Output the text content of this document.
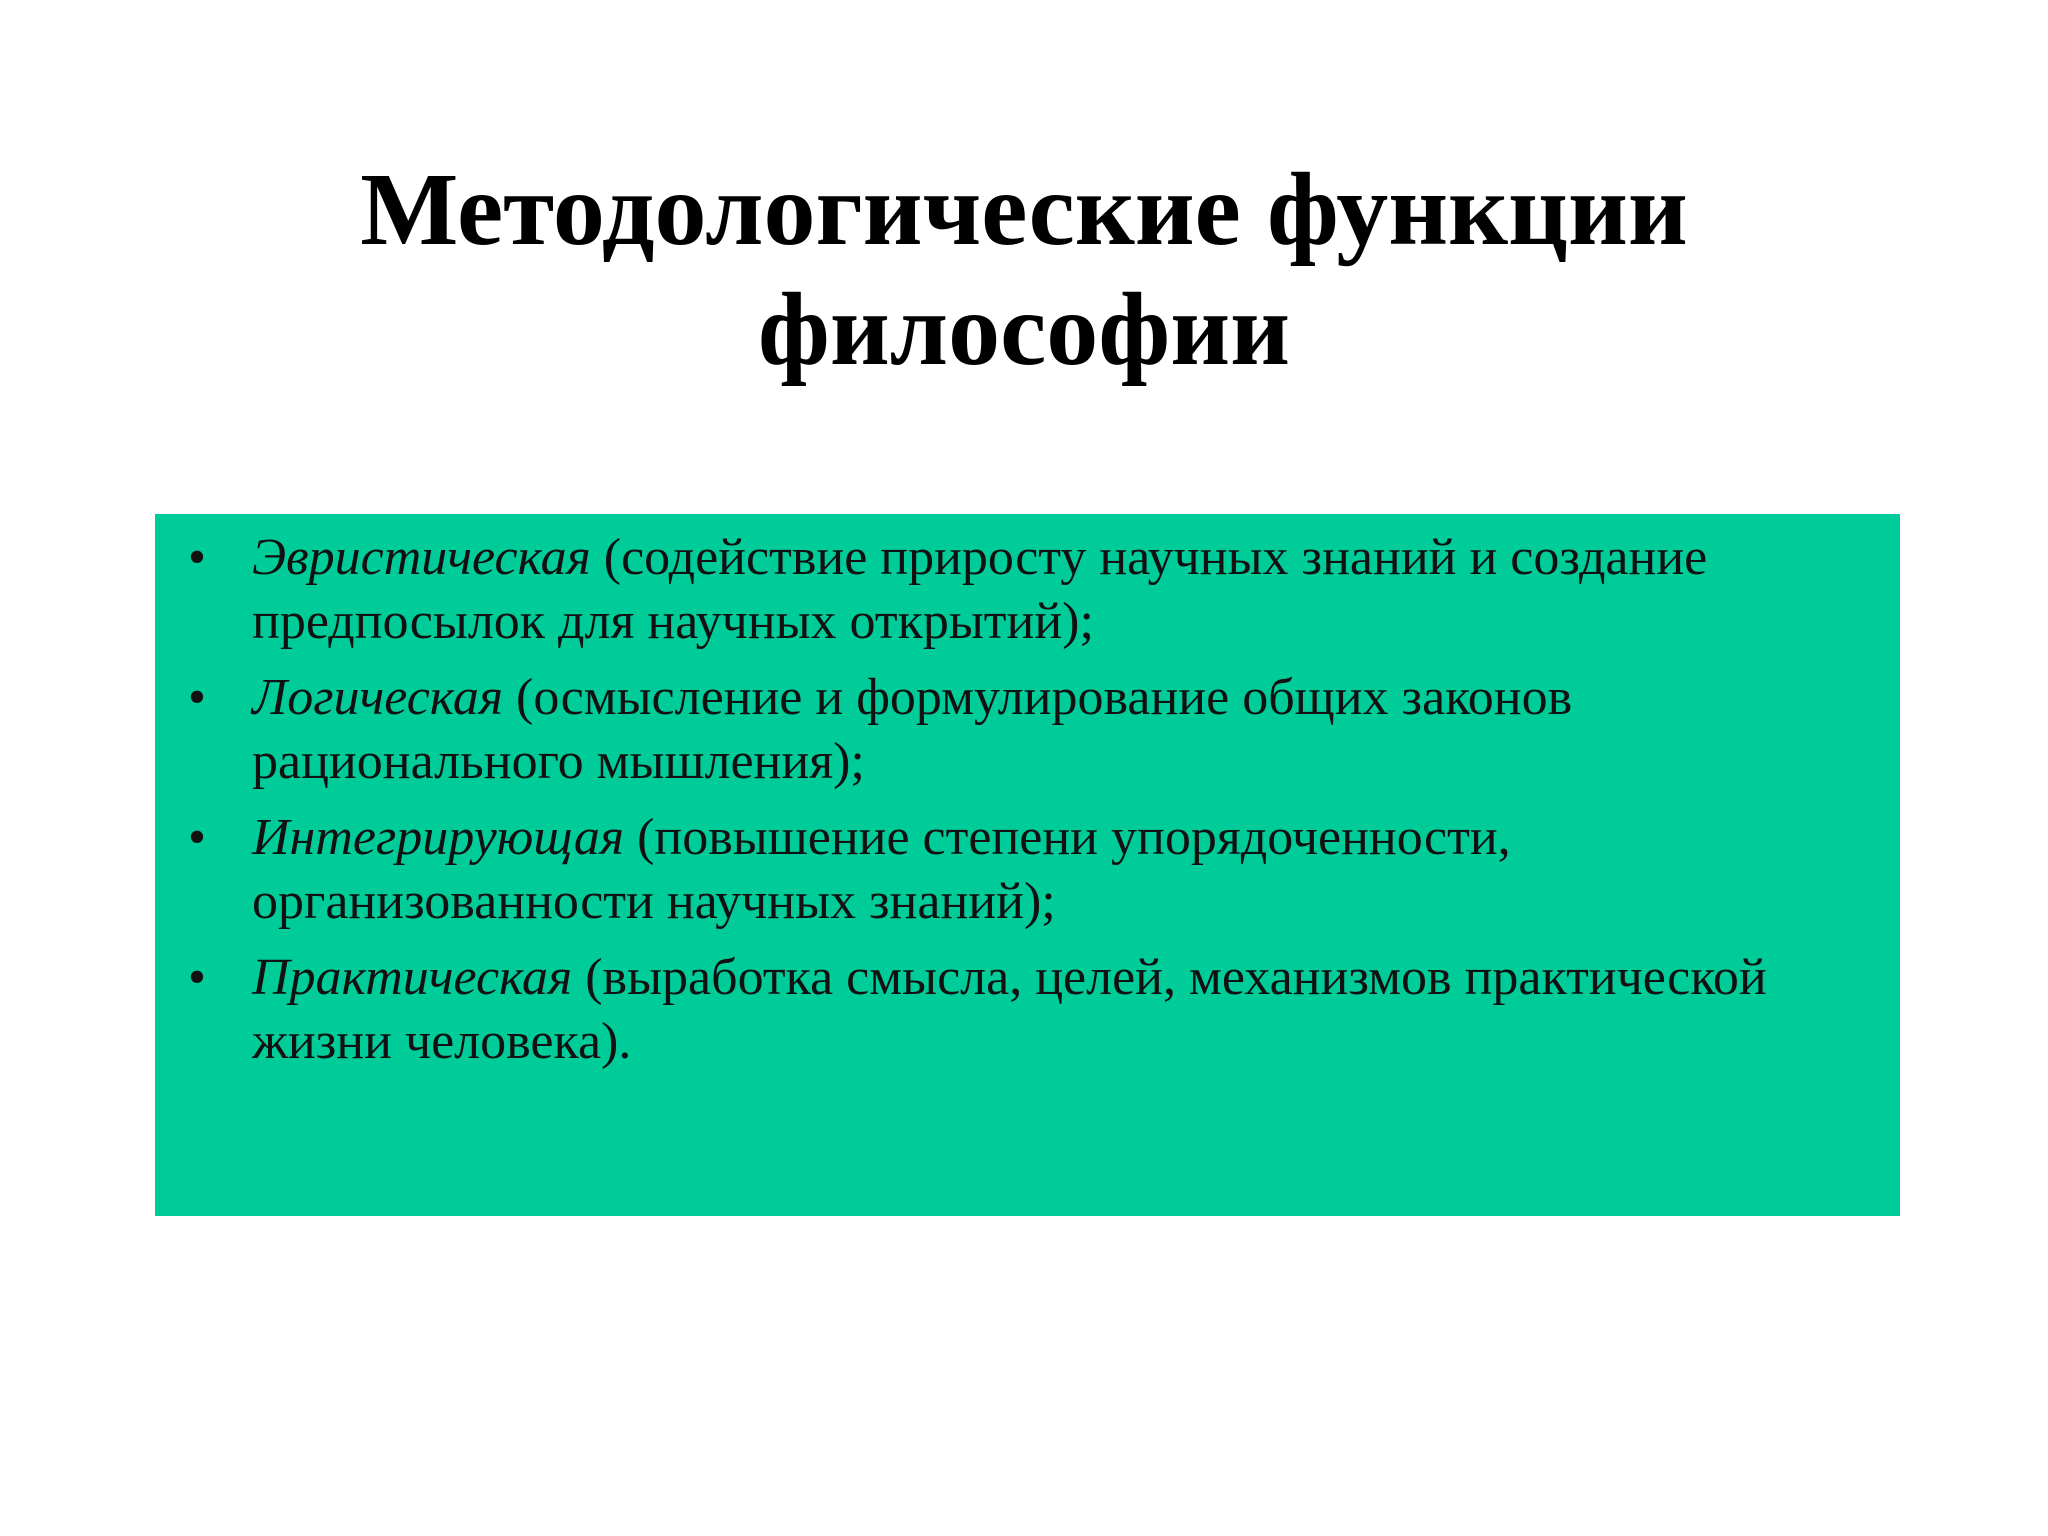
Методологические функции
философии
• Эвристическая (содействие приросту научных знаний и создание предпосылок для научных открытий);
• Логическая (осмысление и формулирование общих законов рационального мышления);
• Интегрирующая (повышение степени упорядоченности, организованности научных знаний);
• Практическая (выработка смысла, целей, механизмов практической жизни человека).
